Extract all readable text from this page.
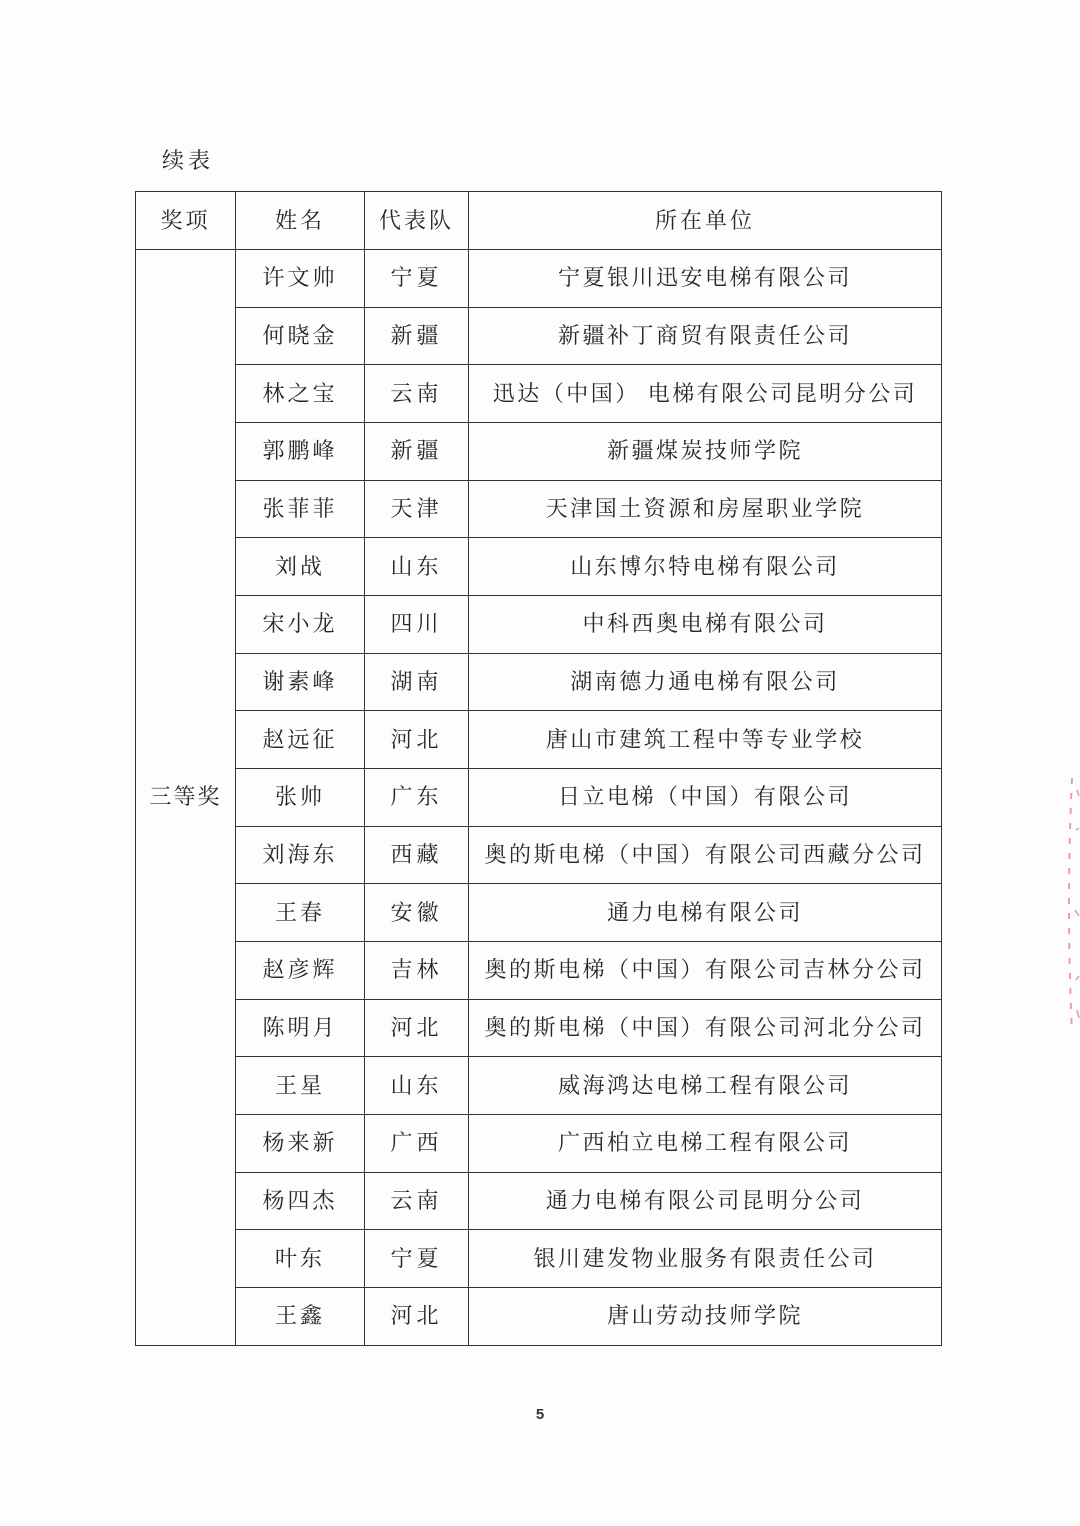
续表
奖项	姓名	代表队	所在单位
三等奖	许文帅	宁夏	宁夏银川迅安电梯有限公司
	何晓金	新疆	新疆补丁商贸有限责任公司
	林之宝	云南	迅达（中国） 电梯有限公司昆明分公司
	郭鹏峰	新疆	新疆煤炭技师学院
	张菲菲	天津	天津国土资源和房屋职业学院
	刘战	山东	山东博尔特电梯有限公司
	宋小龙	四川	中科西奥电梯有限公司
	谢素峰	湖南	湖南德力通电梯有限公司
	赵远征	河北	唐山市建筑工程中等专业学校
	张帅	广东	日立电梯（中国）有限公司
	刘海东	西藏	奥的斯电梯（中国）有限公司西藏分公司
	王春	安徽	通力电梯有限公司
	赵彦辉	吉林	奥的斯电梯（中国）有限公司吉林分公司
	陈明月	河北	奥的斯电梯（中国）有限公司河北分公司
	王星	山东	威海鸿达电梯工程有限公司
	杨来新	广西	广西柏立电梯工程有限公司
	杨四杰	云南	通力电梯有限公司昆明分公司
	叶东	宁夏	银川建发物业服务有限责任公司
	王鑫	河北	唐山劳动技师学院
5
